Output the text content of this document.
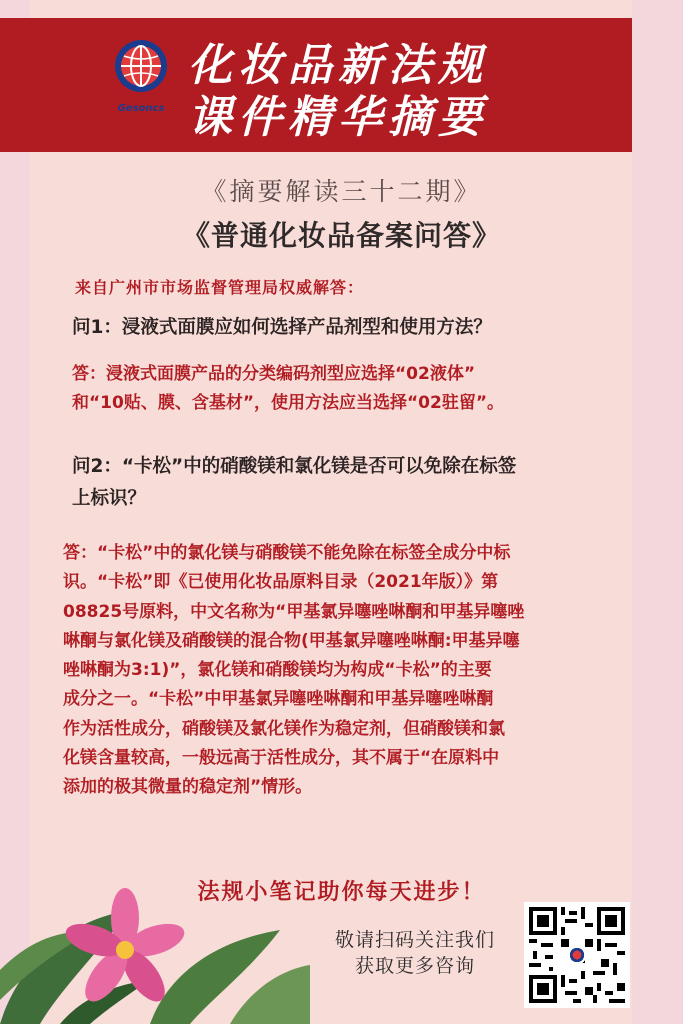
Gesoncs
化妆品新法规
课件精华摘要
《摘要解读三十二期》
《普通化妆品备案问答》
来自广州市市场监督管理局权威解答：
问1：浸液式面膜应如何选择产品剂型和使用方法？
答：浸液式面膜产品的分类编码剂型应选择“02液体”
和“10贴、膜、含基材”，使用方法应当选择“02驻留”。
问2：“卡松”中的硝酸镁和氯化镁是否可以免除在标签
上标识？
答：“卡松”中的氯化镁与硝酸镁不能免除在标签全成分中标
识。“卡松”即《已使用化妆品原料目录（2021年版）》第
08825号原料，中文名称为“甲基氯异噻唑啉酮和甲基异噻唑
啉酮与氯化镁及硝酸镁的混合物(甲基氯异噻唑啉酮:甲基异噻
唑啉酮为3:1)”，氯化镁和硝酸镁均为构成“卡松”的主要
成分之一。“卡松”中甲基氯异噻唑啉酮和甲基异噻唑啉酮
作为活性成分，硝酸镁及氯化镁作为稳定剂，但硝酸镁和氯
化镁含量较高，一般远高于活性成分，其不属于“在原料中
添加的极其微量的稳定剂”情形。
法规小笔记助你每天进步！
敬请扫码关注我们
获取更多咨询
